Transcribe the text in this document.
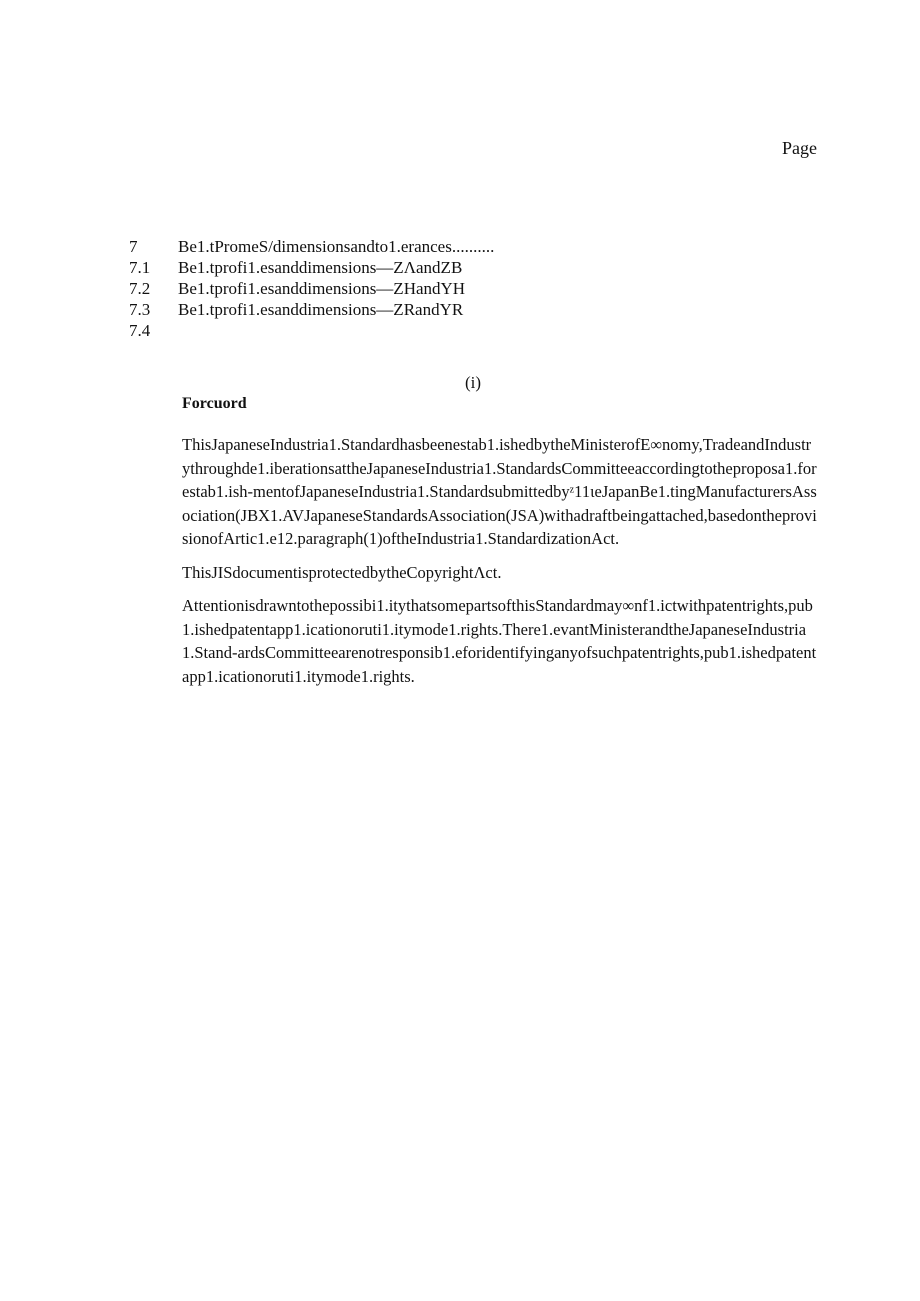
Page
7 Be1.tPromeS/dimensionsandto1.erances..........
7.1 Be1.tprofi1.esanddimensions—ZΛandZB
7.2 Be1.tprofi1.esanddimensions—ZHandYH
7.3 Be1.tprofi1.esanddimensions—ZRandYR
7.4
(i)
Forcuord

ThisJapaneseIndustria1.Standardhasbeenestab1.ishedbytheMinisterofE∞nomy,TradeandIndustrythroughde1.iberationsattheJapaneseIndustria1.StandardsCommitteeaccordingtotheproposa1.forestab1.ish-mentofJapaneseIndustria1.Standardsubmittedbyᶻ11ιeJapanBe1.tingManufacturersAssociation(JBX1.AVJapaneseStandardsAssociation(JSA)withadraftbeingattached,basedontheprovisionofArtic1.e12.paragraph(1)oftheIndustria1.StandardizationAct.

ThisJISdocumentisprotectedbytheCopyrightΛct.

Attentionisdrawntothepossibi1.itythatsomepartsofthisStandardmay∞nf1.ictwithpatentrights,pub1.ishedpatentapp1.icationoruti1.itymode1.rights.There1.evantMinisterandtheJapaneseIndustria1.Stand-ardsCommitteearenotresponsib1.eforidentifyinganyofsuchpatentrights,pub1.ishedpatentapp1.icationoruti1.itymode1.rights.
